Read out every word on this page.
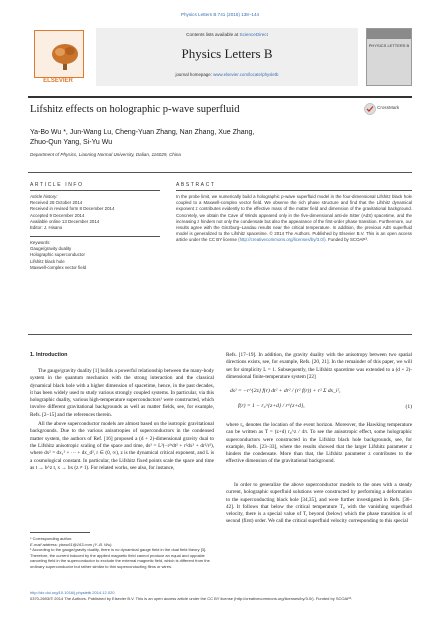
Physics Letters B 741 (2015) 138–144
ELSEVIER
Contents lists available at ScienceDirect
Physics Letters B
journal homepage: www.elsevier.com/locate/physletb
PHYSICS LETTERS B
Lifshitz effects on holographic p-wave superfluid	CrossMark
Ya-Bo Wu *, Jun-Wang Lu, Cheng-Yuan Zhang, Nan Zhang, Xue Zhang,
Zhuo-Qun Yang, Si-Yu Wu
Department of Physics, Liaoning Normal University, Dalian, 116029, China
ARTICLE INFO
Article history:
Received 28 October 2014
Received in revised form 8 December 2014
Accepted 9 December 2014
Available online 13 December 2014
Editor: J. Hisano
Keywords:
Gauge/gravity duality
Holographic superconductor
Lifshitz black hole
Maxwell-complex vector field
ABSTRACT
In the probe limit, we numerically build a holographic p-wave superfluid model in the four-dimensional Lifshitz black hole coupled to a Maxwell-complex vector field. We observe the rich phase structure and find that the Lifshitz dynamical exponent z contributes evidently to the effective mass of the matter field and dimension of the gravitational background. Concretely, we obtain the Cave of Winds appeared only in the five-dimensional anti-de Sitter (AdS) spacetime, and the increasing z hinders not only the condensate but also the appearance of the first-order phase transition. Furthermore, our results agree with the Ginzburg–Landau results near the critical temperature. In addition, the previous AdS superfluid model is generalized to the Lifshitz spacetime. © 2014 The Authors. Published by Elsevier B.V. This is an open access article under the CC BY license (http://creativecommons.org/licenses/by/3.0/). Funded by SCOAP³.
1. Introduction

The gauge/gravity duality [1] builds a powerful relationship between the many-body system in the quantum mechanics with the strong interaction and the classical dynamical black hole with a higher dimension of spacetime, hence, in the past decades, it has been widely used to study various strongly coupled systems. In particular, via this holographic duality, various high-temperature superconductors¹ were constructed, which involve different gravitational backgrounds as well as matter fields, see, for example, Refs. [2–15] and the references therein.

All the above superconductor models are almost based on the isotropic gravitational backgrounds. Due to the various anisotropies of superconductors in the condensed matter system, the authors of Ref. [16] proposed a (d + 2)-dimensional gravity dual to the Lifshitz anisotropic scaling of the space and time, ds² = L²(−r²ᶻdt² + r²dx² + dr²/r²), where dx² = dx₁² + ··· + dx_d², r ∈ (0, ∞), z is the dynamical critical exponent, and L is a cosmological constant. In particular, the Lifshitz fixed points scale the space and time as t → b^z t, x → bx (z ≠ 1). For related works, see also, for instance,

* Corresponding author.
E-mail address: ybwu61@163.com (Y.-B. Wu).
¹ According to the gauge/gravity duality, there is no dynamical gauge field in the dual field theory [3]. Therefore, the current induced by the applied magnetic field cannot produce an equal and opposite canceling field in the superconductor to exclude the external magnetic field, which is different from the ordinary superconductor but rather similar to thin superconducting films or wires.
Refs. [17–19]. In addition, the gravity duality with the anisotropy between two spatial directions exists, see, for example, Refs. [20, 21]. In the remainder of this paper, we will set for simplicity L = 1. Subsequently, the Lifshitz spacetime was extended to a (d + 2)-dimensional finite-temperature system [22]
ds² = −r^{2z} f(r) dt² + dr² / (r² f(r)) + r² Σ dx_i²,
f(r) = 1 − r₀^{z+d} / r^{z+d},	(1)
where r₀ denotes the location of the event horizon. Moreover, the Hawking temperature can be written as T = (z+d) r₀^z / 4π. To see the anisotropic effect, some holographic superconductors were constructed in the Lifshitz black hole backgrounds, see, for example, Refs. [23–33], where the results showed that the larger Lifshitz parameter z hinders the condensate. More than that, the Lifshitz parameter z contributes to the effective dimension of the gravitational background.
In order to generalize the above superconductor models to the ones with a steady current, holographic superfluid solutions were constructed by performing a deformation to the superconducting black hole [34,35], and were further investigated in Refs. [36–42]. It follows that below the critical temperature T₀ with the vanishing superfluid velocity, there is a special value of T, beyond (below) which the phase transition is of second (first) order. We call the critical superfluid velocity corresponding to this special
http://dx.doi.org/10.1016/j.physletb.2014.12.020
0370-2693/© 2014 The Authors. Published by Elsevier B.V. This is an open access article under the CC BY license (http://creativecommons.org/licenses/by/3.0/). Funded by SCOAP³.
